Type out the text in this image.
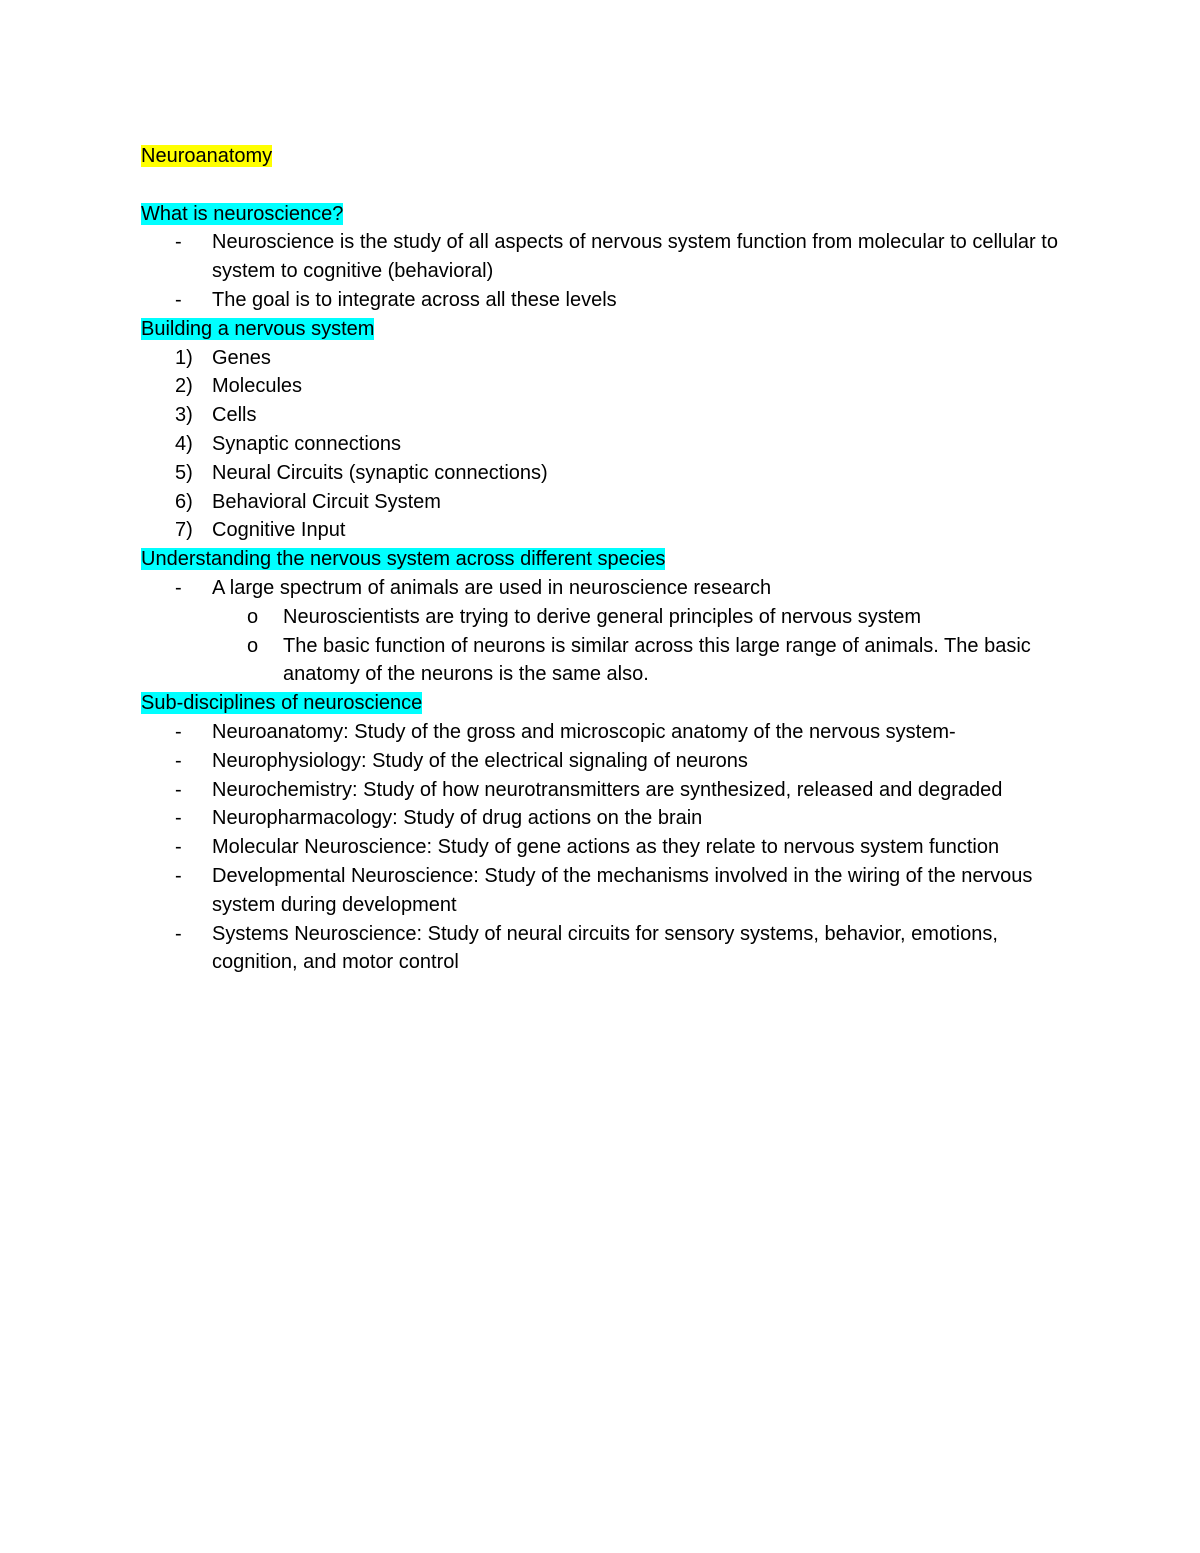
Neuroanatomy
What is neuroscience?
- Neuroscience is the study of all aspects of nervous system function from molecular to cellular to system to cognitive (behavioral)
- The goal is to integrate across all these levels
Building a nervous system
1) Genes
2) Molecules
3) Cells
4) Synaptic connections
5) Neural Circuits (synaptic connections)
6) Behavioral Circuit System
7) Cognitive Input
Understanding the nervous system across different species
- A large spectrum of animals are used in neuroscience research
o Neuroscientists are trying to derive general principles of nervous system
o The basic function of neurons is similar across this large range of animals. The basic anatomy of the neurons is the same also.
Sub-disciplines of neuroscience
- Neuroanatomy: Study of the gross and microscopic anatomy of the nervous system-
- Neurophysiology: Study of the electrical signaling of neurons
- Neurochemistry: Study of how neurotransmitters are synthesized, released and degraded
- Neuropharmacology: Study of drug actions on the brain
- Molecular Neuroscience: Study of gene actions as they relate to nervous system function
- Developmental Neuroscience: Study of the mechanisms involved in the wiring of the nervous system during development
- Systems Neuroscience: Study of neural circuits for sensory systems, behavior, emotions, cognition, and motor control
